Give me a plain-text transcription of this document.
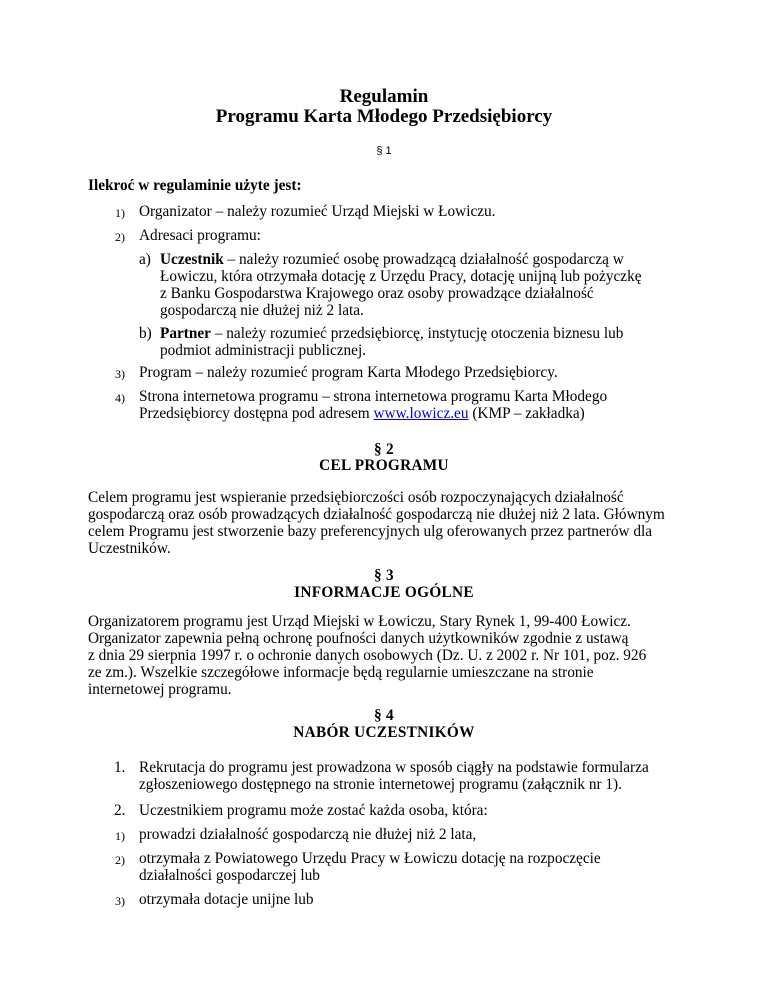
Regulamin
Programu Karta Młodego Przedsiębiorcy
§ 1
Ilekroć w regulaminie użyte jest:
1) Organizator – należy rozumieć Urząd Miejski w Łowiczu.
2) Adresaci programu:
a) Uczestnik – należy rozumieć osobę prowadzącą działalność gospodarczą w
Łowiczu, która otrzymała dotację z Urzędu Pracy, dotację unijną lub pożyczkę
z Banku Gospodarstwa Krajowego oraz osoby prowadzące działalność
gospodarczą nie dłużej niż 2 lata.
b) Partner – należy rozumieć przedsiębiorcę, instytucję otoczenia biznesu lub
podmiot administracji publicznej.
3) Program – należy rozumieć program Karta Młodego Przedsiębiorcy.
4) Strona internetowa programu – strona internetowa programu Karta Młodego
Przedsiębiorcy dostępna pod adresem www.lowicz.eu (KMP – zakładka)
§ 2
CEL PROGRAMU
Celem programu jest wspieranie przedsiębiorczości osób rozpoczynających działalność
gospodarczą oraz osób prowadzących działalność gospodarczą nie dłużej niż 2 lata. Głównym
celem Programu jest stworzenie bazy preferencyjnych ulg oferowanych przez partnerów dla
Uczestników.
§ 3
INFORMACJE OGÓLNE
Organizatorem programu jest Urząd Miejski w Łowiczu, Stary Rynek 1, 99-400 Łowicz.
Organizator zapewnia pełną ochronę poufności danych użytkowników zgodnie z ustawą
z dnia 29 sierpnia 1997 r. o ochronie danych osobowych (Dz. U. z 2002 r. Nr 101, poz. 926
ze zm.). Wszelkie szczegółowe informacje będą regularnie umieszczane na stronie
internetowej programu.
§ 4
NABÓR UCZESTNIKÓW
1. Rekrutacja do programu jest prowadzona w sposób ciągły na podstawie formularza
zgłoszeniowego dostępnego na stronie internetowej programu (załącznik nr 1).
2. Uczestnikiem programu może zostać każda osoba, która:
1) prowadzi działalność gospodarczą nie dłużej niż 2 lata,
2) otrzymała z Powiatowego Urzędu Pracy w Łowiczu dotację na rozpoczęcie
działalności gospodarczej lub
3) otrzymała dotacje unijne lub
